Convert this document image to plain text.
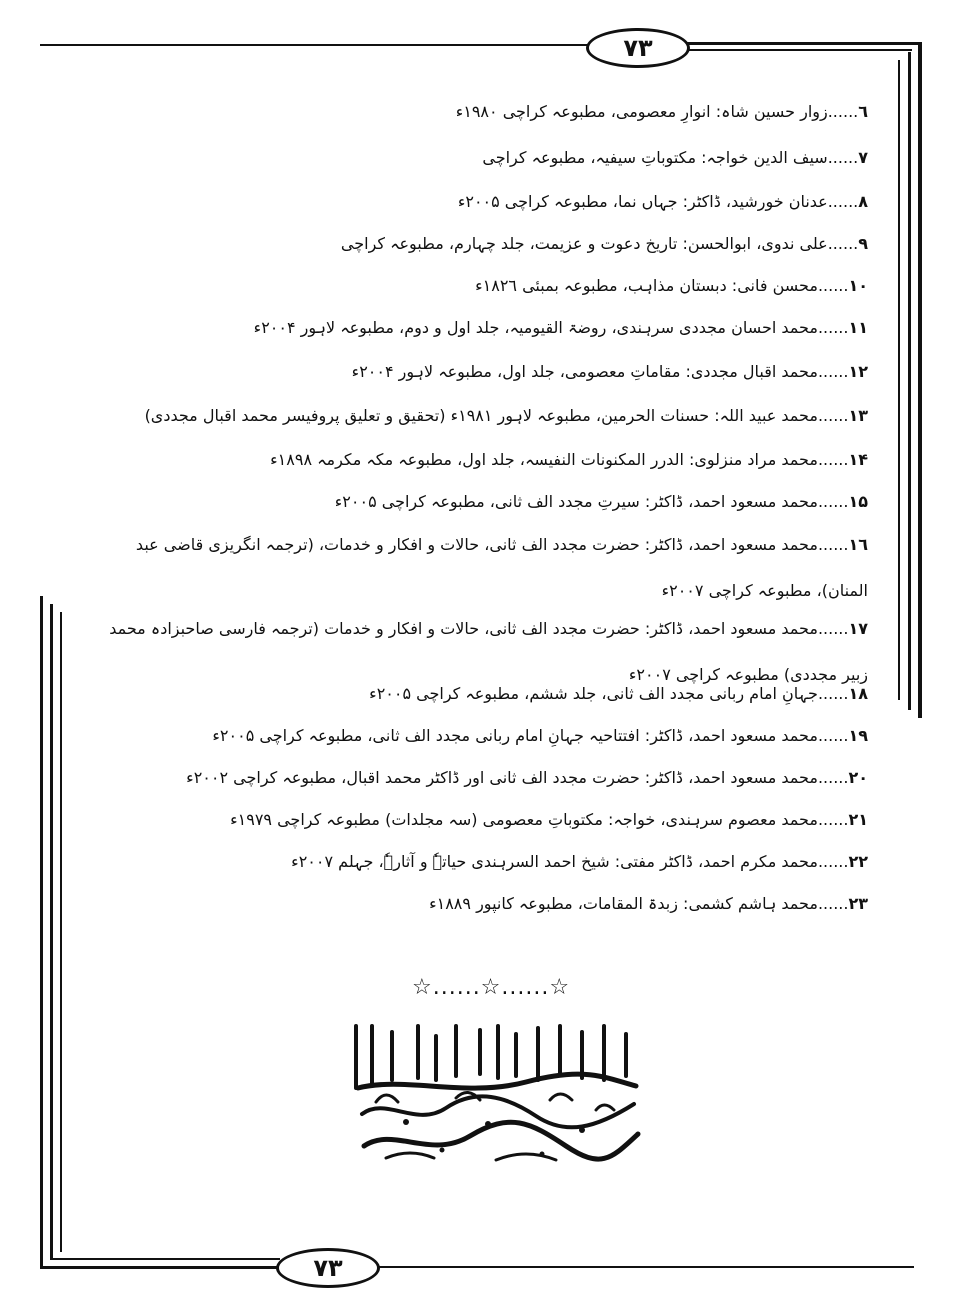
۷۳
۷۳
٦......زوار حسین شاہ: انوارِ معصومی، مطبوعہ کراچی ۱۹۸۰ء
۷......سیف الدین خواجہ: مکتوباتِ سیفیہ، مطبوعہ کراچی
۸......عدنان خورشید، ڈاکٹر: جہاں نما، مطبوعہ کراچی ۲۰۰۵ء
۹......علی ندوی، ابوالحسن: تاریخ دعوت و عزیمت، جلد چہارم، مطبوعہ کراچی
۱۰......محسن فانی: دبستان مذاہب، مطبوعہ بمبئی ۱۸۲٦ء
۱۱......محمد احسان مجددی سرہندی، روضۃ القیومیہ، جلد اول و دوم، مطبوعہ لاہور ۲۰۰۴ء
۱۲......محمد اقبال مجددی: مقاماتِ معصومی، جلد اول، مطبوعہ لاہور ۲۰۰۴ء
۱۳......محمد عبید اللہ: حسنات الحرمین، مطبوعہ لاہور ۱۹۸۱ء (تحقیق و تعلیق پروفیسر محمد اقبال مجددی)
۱۴......محمد مراد منزلوی: الدرر المکنونات النفیسہ، جلد اول، مطبوعہ مکہ مکرمہ ۱۸۹۸ء
۱۵......محمد مسعود احمد، ڈاکٹر: سیرتِ مجدد الف ثانی، مطبوعہ کراچی ۲۰۰۵ء
۱٦......محمد مسعود احمد، ڈاکٹر: حضرت مجدد الف ثانی، حالات و افکار و خدمات، (ترجمہ انگریزی قاضی عبد المنان)، مطبوعہ کراچی ۲۰۰۷ء
۱۷......محمد مسعود احمد، ڈاکٹر: حضرت مجدد الف ثانی، حالات و افکار و خدمات (ترجمہ فارسی صاحبزادہ محمد زبیر مجددی) مطبوعہ کراچی ۲۰۰۷ء
۱۸......جہانِ امام ربانی مجدد الف ثانی، جلد ششم، مطبوعہ کراچی ۲۰۰۵ء
۱۹......محمد مسعود احمد، ڈاکٹر: افتتاحیہ جہانِ امام ربانی مجدد الف ثانی، مطبوعہ کراچی ۲۰۰۵ء
۲۰......محمد مسعود احمد، ڈاکٹر: حضرت مجدد الف ثانی اور ڈاکٹر محمد اقبال، مطبوعہ کراچی ۲۰۰۲ء
۲۱......محمد معصوم سرہندی، خواجہ: مکتوباتِ معصومی (سہ مجلدات) مطبوعہ کراچی ۱۹۷۹ء
۲۲......محمد مکرم احمد، ڈاکٹر مفتی: شیخ احمد السرہندی حیاتہٗ و آثارہٗ، جہلم ۲۰۰۷ء
۲۳......محمد ہاشم کشمی: زبدۃ المقامات، مطبوعہ کانپور ۱۸۸۹ء
☆......☆......☆
